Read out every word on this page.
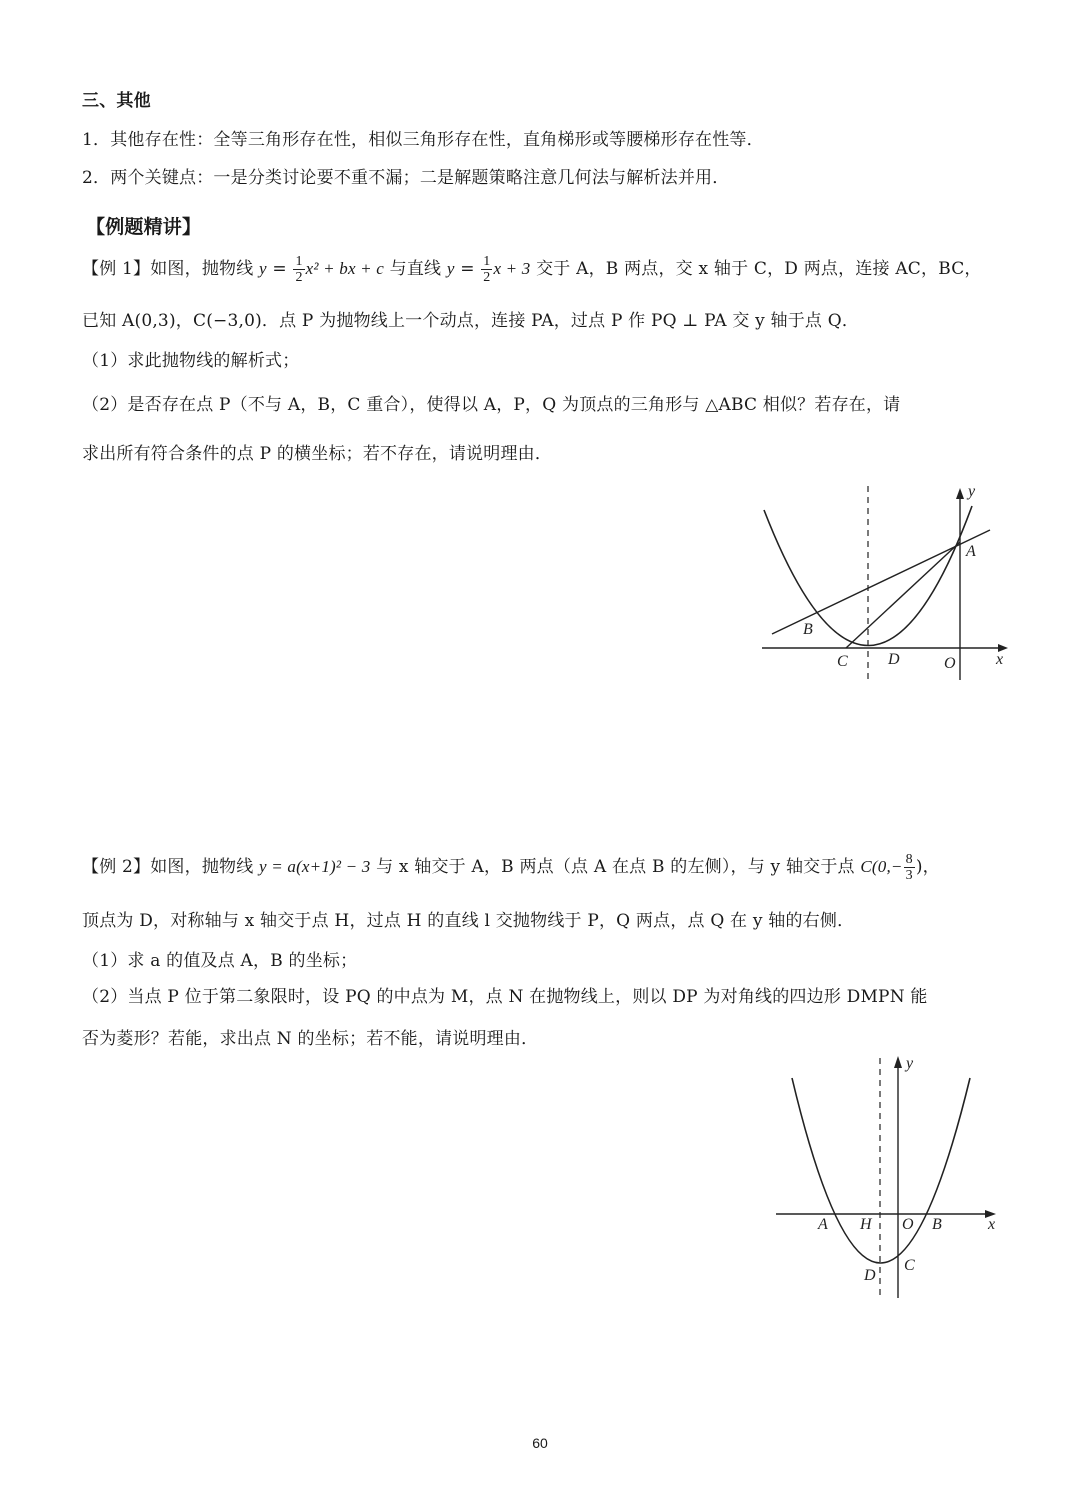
三、其他
1．其他存在性：全等三角形存在性，相似三角形存在性，直角梯形或等腰梯形存在性等．
2．两个关键点：一是分类讨论要不重不漏；二是解题策略注意几何法与解析法并用．
【例题精讲】
【例 1】如图，抛物线 $y = \frac{1}{2} x^2$ + bx + c 与直线 $y = \frac{1}{2}$ x + 3 交于 A，B 两点，交 x 轴于 C，D 两点，连接 AC，BC，
已知 A(0,3)，C(−3,0)．点 P 为抛物线上一个动点，连接 PA，过点 P 作 PQ ⊥ PA 交 y 轴于点 Q．
（1）求此抛物线的解析式；
（2）是否存在点 P（不与 A，B，C 重合），使得以 A，P，Q 为顶点的三角形与 △ABC 相似？若存在，请
求出所有符合条件的点 P 的横坐标；若不存在，请说明理由．
B
C	D	O	x
A
y
【例 2】如图，抛物线 y = a(x+1)² − 3 与 x 轴交于 A，B 两点（点 A 在点 B 的左侧），与 y 轴交于点 $C(0,- \frac{8}{3}$ )，
顶点为 D，对称轴与 x 轴交于点 H，过点 H 的直线 l 交抛物线于 P，Q 两点，点 Q 在 y 轴的右侧．
（1）求 a 的值及点 A，B 的坐标；
（2）当点 P 位于第二象限时，设 PQ 的中点为 M，点 N 在抛物线上，则以 DP 为对角线的四边形 DMPN 能
否为菱形？若能，求出点 N 的坐标；若不能，请说明理由．
A H O B	x
y
C
D
60
